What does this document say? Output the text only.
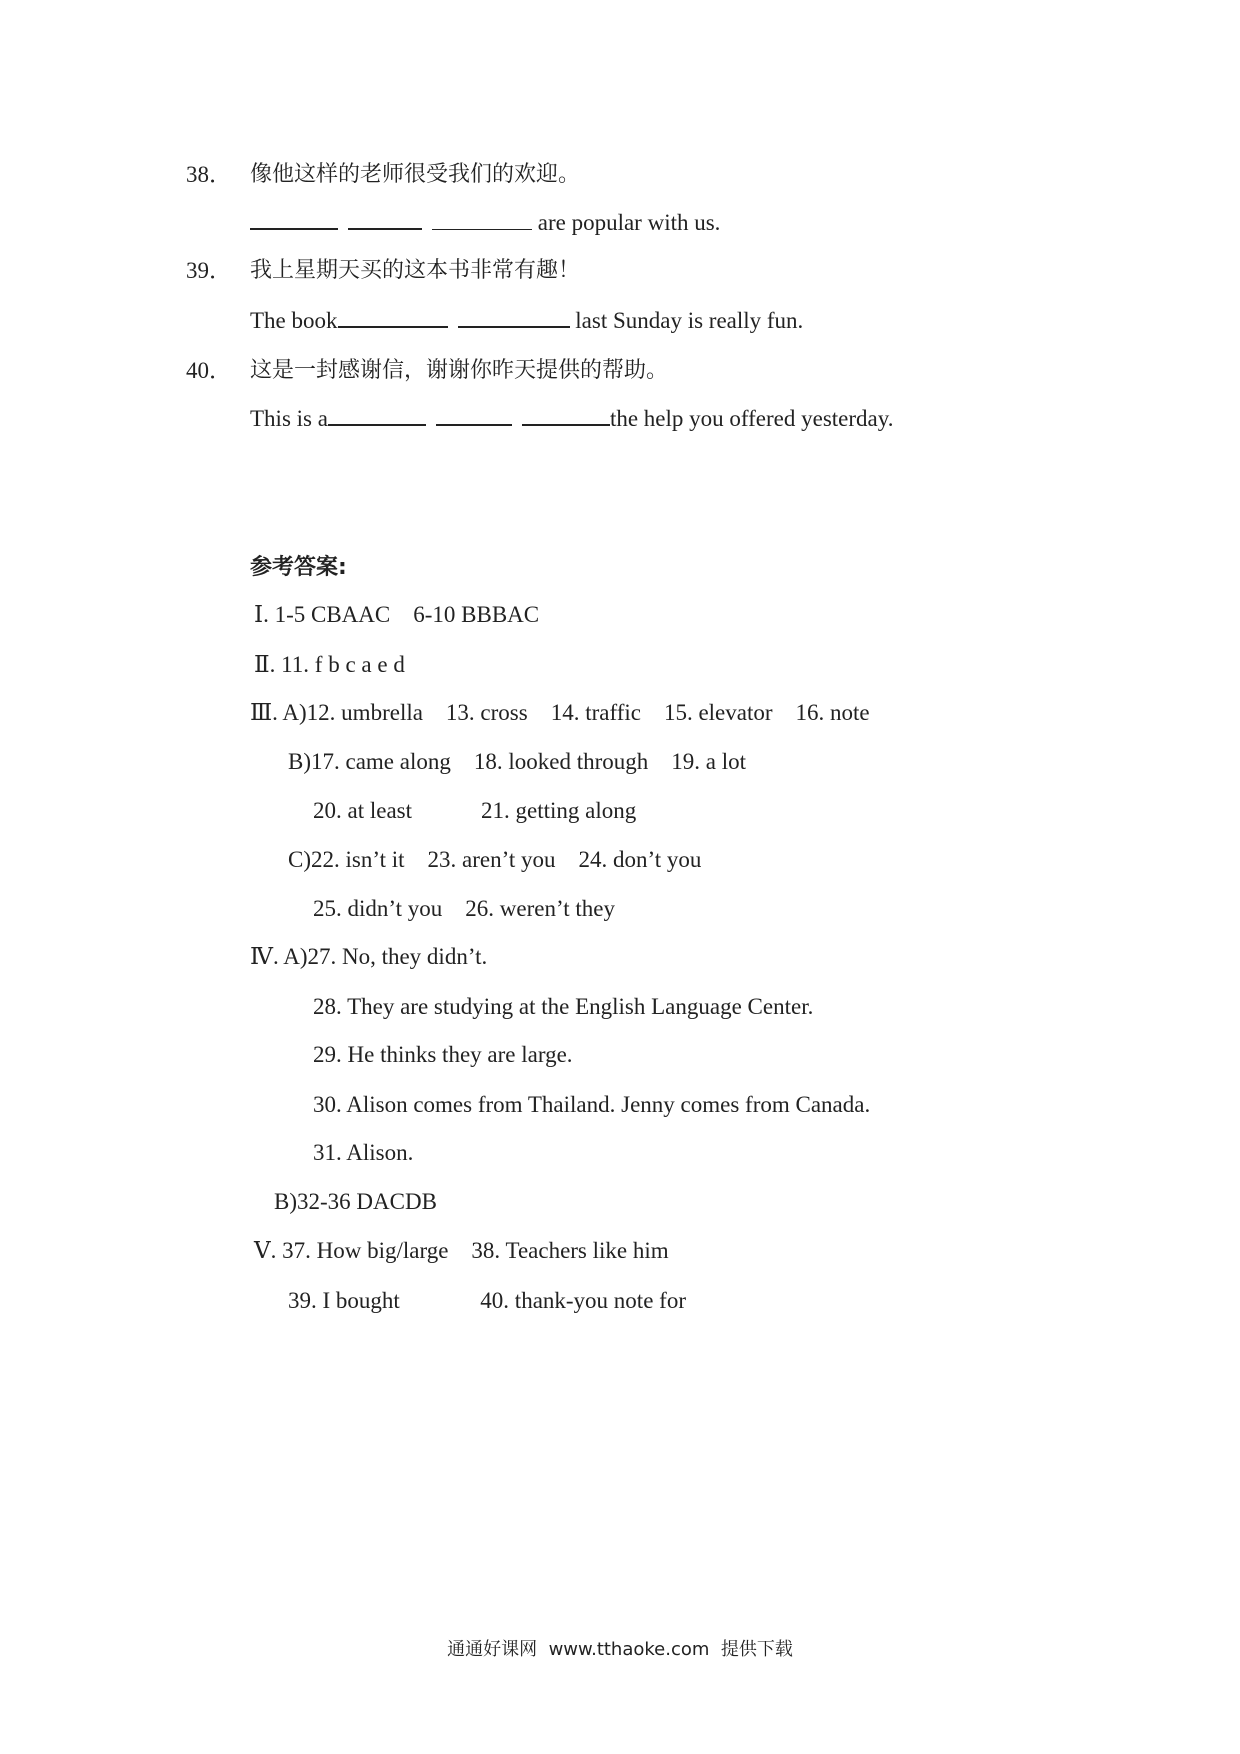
38． 像他这样的老师很受我们的欢迎。
are popular with us.
39． 我上星期天买的这本书非常有趣！
The book	last Sunday is really fun.
40． 这是一封感谢信，谢谢你昨天提供的帮助。
This is a	the help you offered yesterday.
参考答案:
Ⅰ. 1-5 CBAAC    6-10 BBBAC
Ⅱ. 11. f b c a e d
Ⅲ. A)12. umbrella    13. cross    14. traffic    15. elevator    16. note
B)17. came along    18. looked through    19. a lot
20. at least            21. getting along
C)22. isn’t it    23. aren’t you    24. don’t you
25. didn’t you    26. weren’t they
Ⅳ. A)27. No, they didn’t.
28. They are studying at the English Language Center.
29. He thinks they are large.
30. Alison comes from Thailand. Jenny comes from Canada.
31. Alison.
B)32-36 DACDB
Ⅴ. 37. How big/large    38. Teachers like him
39. I bought              40. thank-you note for
通通好课网  www.tthaoke.com  提供下载
